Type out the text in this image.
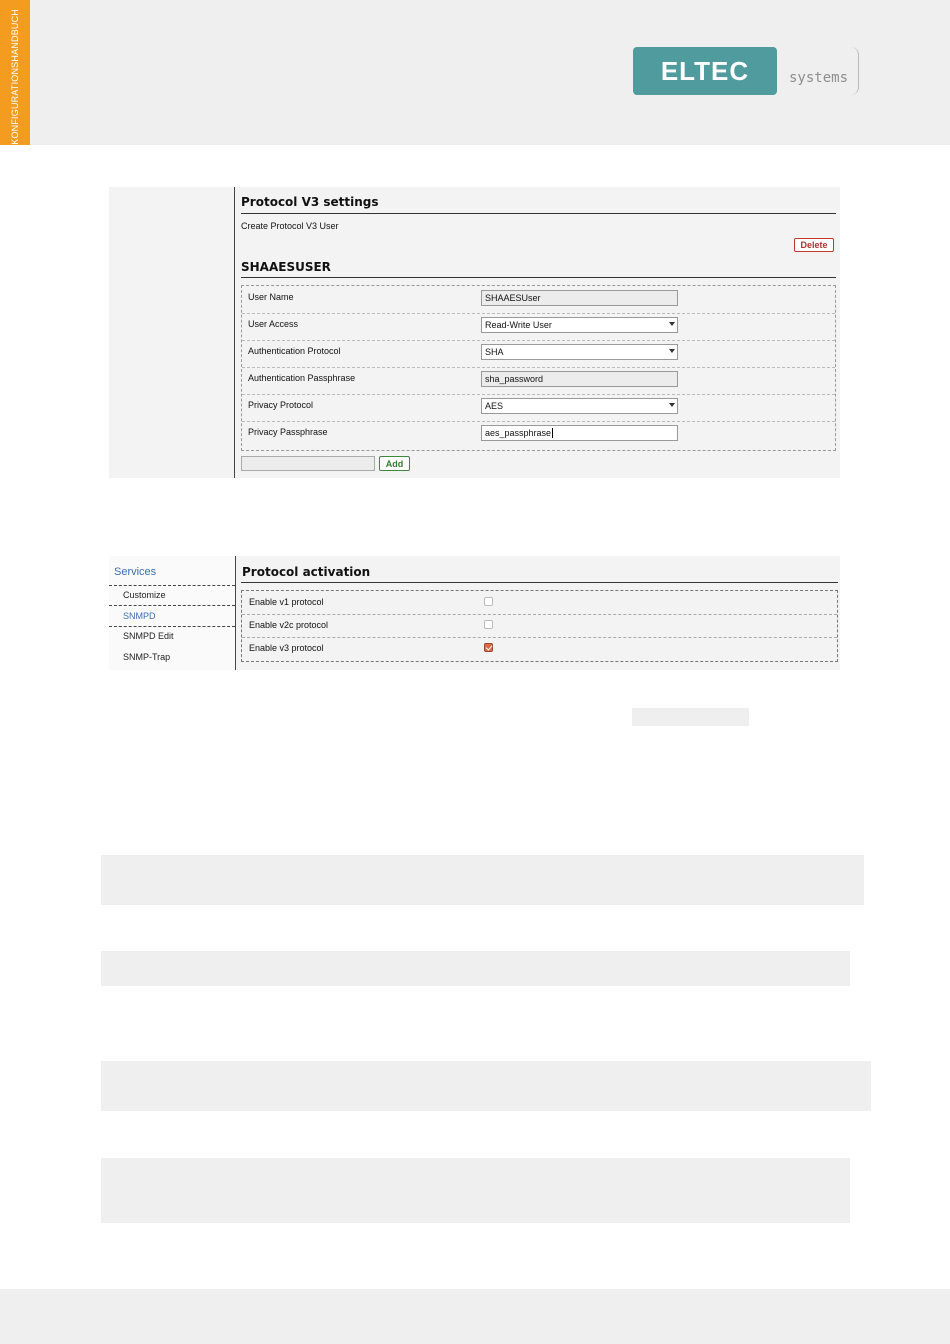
KONFIGURATIONSHANDBUCH	ELTEC	systems
Protocol V3 settings
Create Protocol V3 User
Delete
SHAAESUSER
User Name	SHAAESUser
User Access	Read-Write User
Authentication Protocol	SHA
Authentication Passphrase	sha_password
Privacy Protocol	AES
Privacy Passphrase	aes_passphrase
Add
Services
Customize
SNMPD
SNMPD Edit
SNMP-Trap
Protocol activation
Enable v1 protocol
Enable v2c protocol
Enable v3 protocol
